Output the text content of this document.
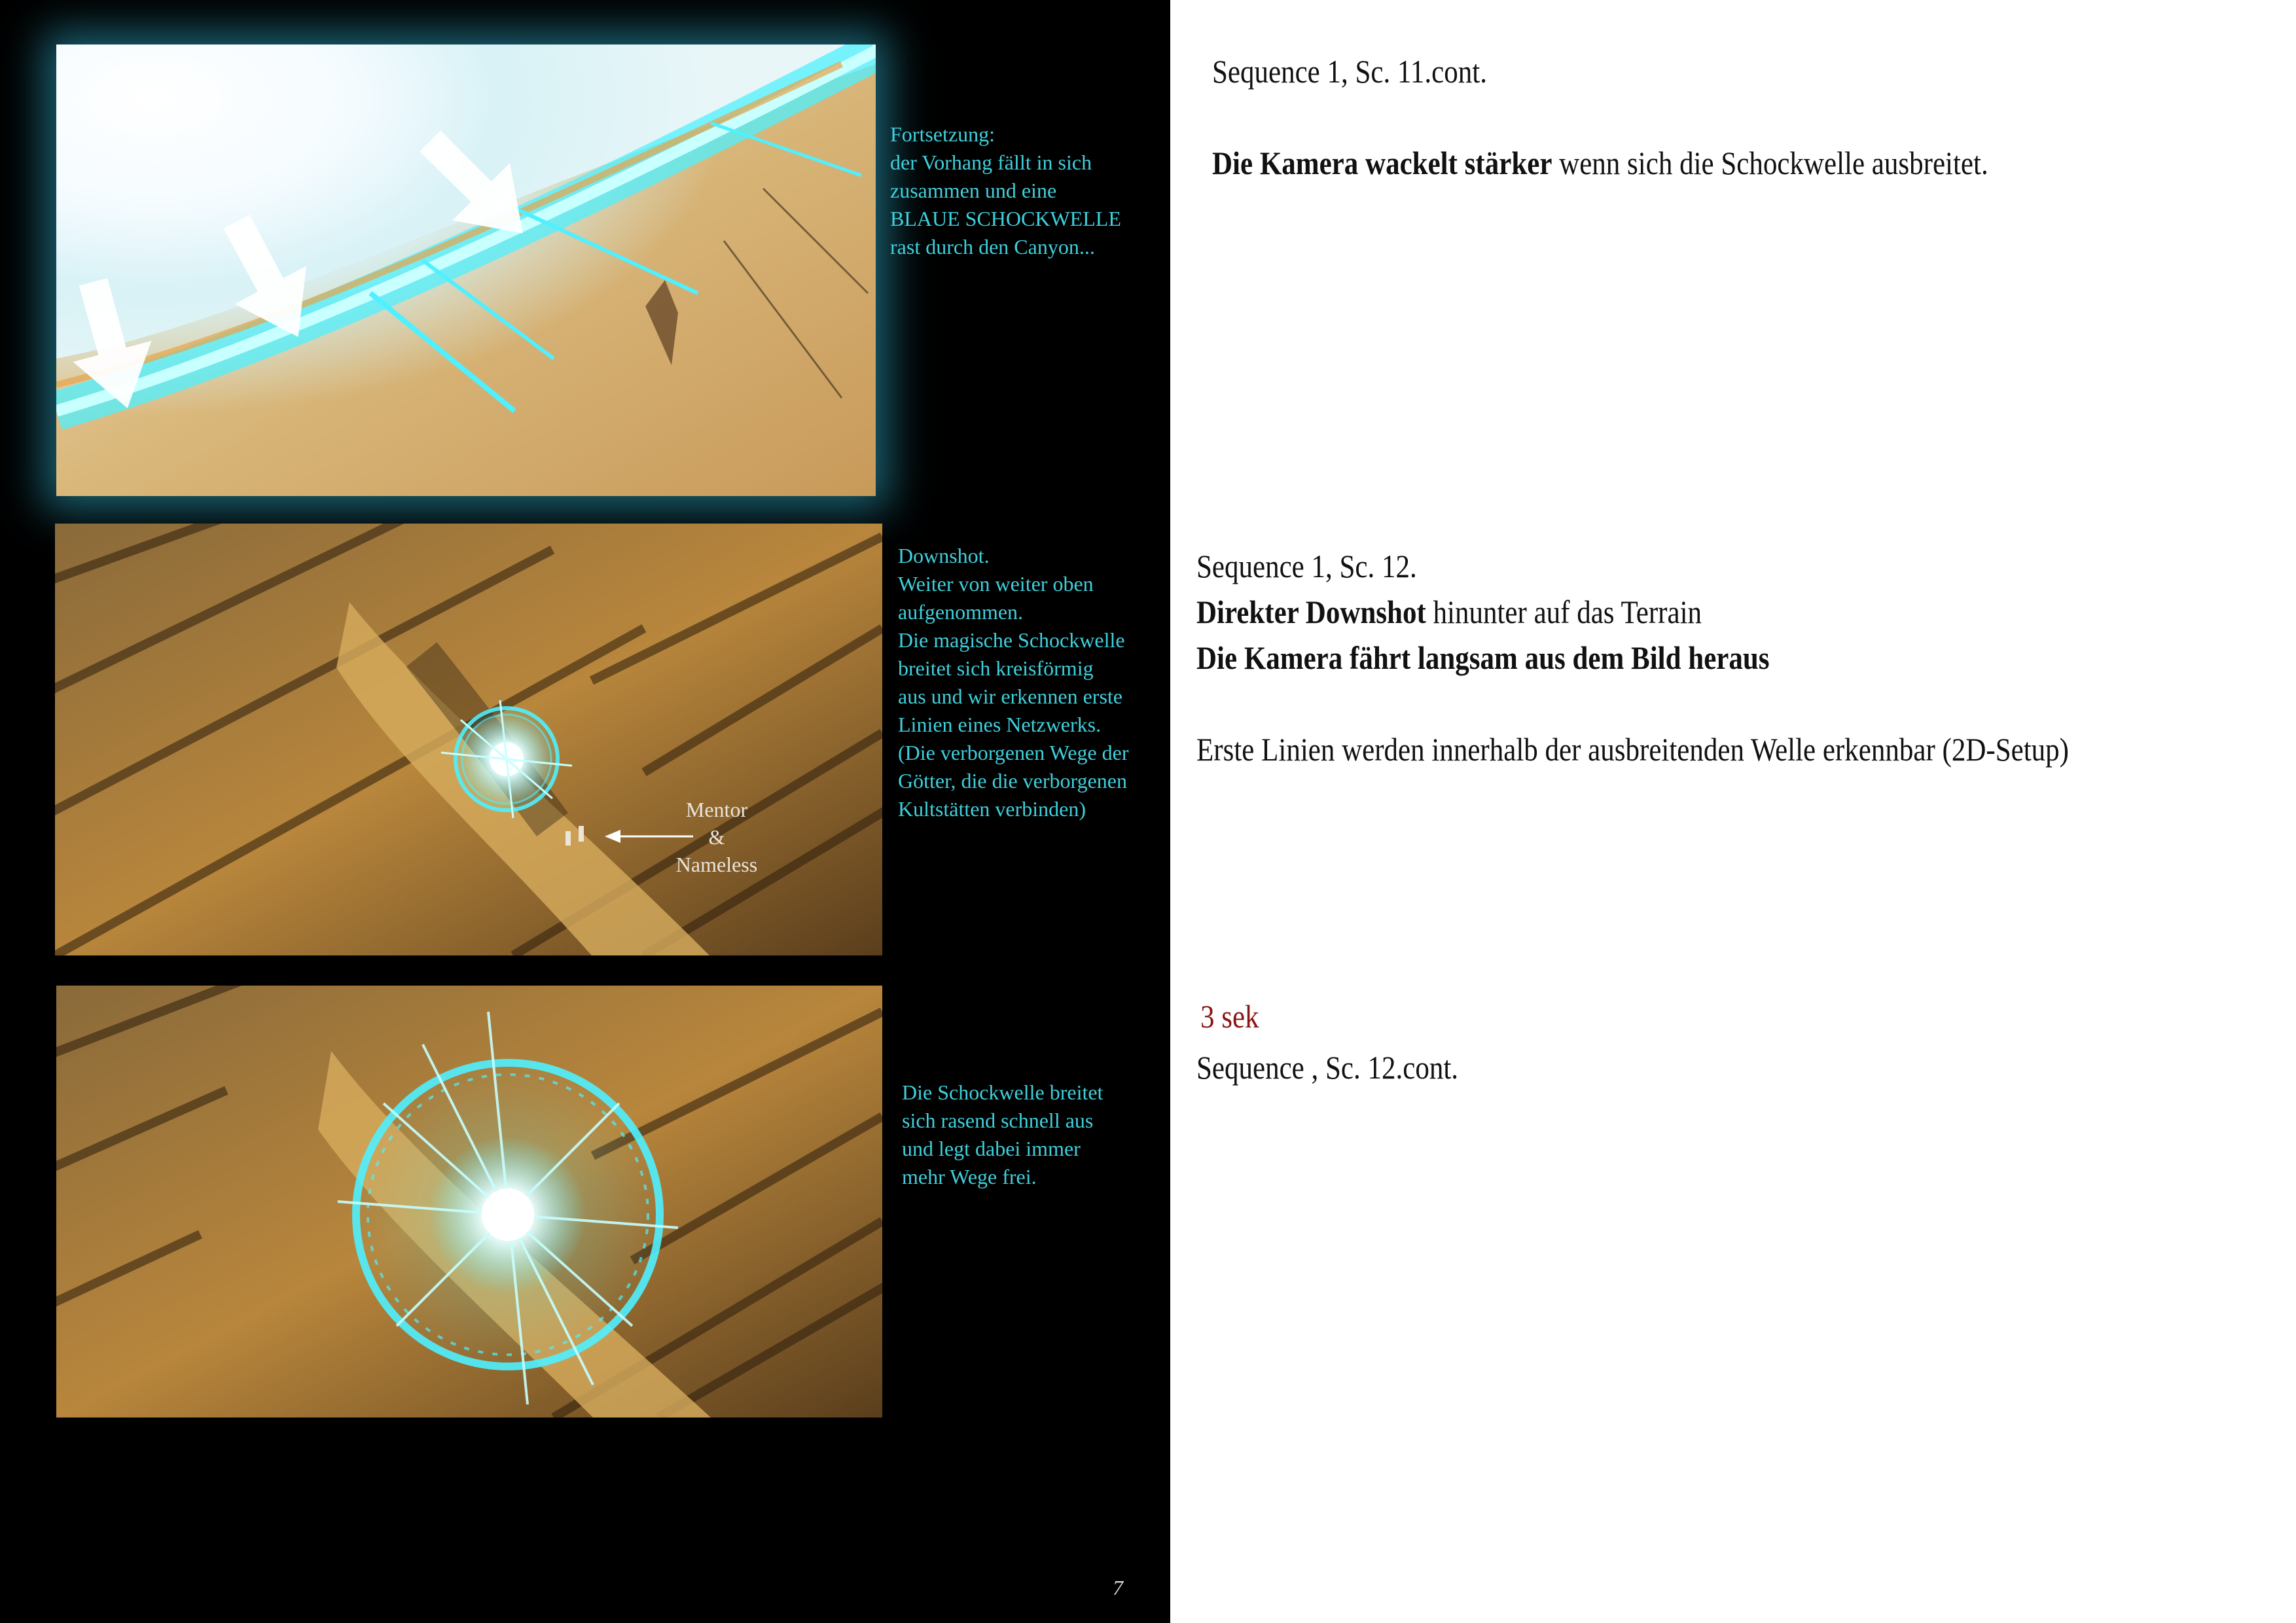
Fortsetzung:
der Vorhang fällt in sich
zusammen und eine
BLAUE SCHOCKWELLE
rast durch den Canyon...
Mentor
&
Nameless
Downshot.
Weiter von weiter oben
aufgenommen.
Die magische Schockwelle
breitet sich kreisförmig
aus und wir erkennen erste
Linien eines Netzwerks.
(Die verborgenen Wege der
Götter, die die verborgenen
Kultstätten verbinden)
Die Schockwelle breitet
sich rasend schnell aus
und legt dabei immer
mehr Wege frei.
7
Sequence 1, Sc. 11.cont.
Die Kamera wackelt stärker wenn sich die Schockwelle ausbreitet.
Sequence 1, Sc. 12.
Direkter Downshot hinunter auf das Terrain
Die Kamera fährt langsam aus dem Bild heraus
Erste Linien werden innerhalb der ausbreitenden Welle erkennbar (2D-Setup)
3 sek
Sequence , Sc. 12.cont.
